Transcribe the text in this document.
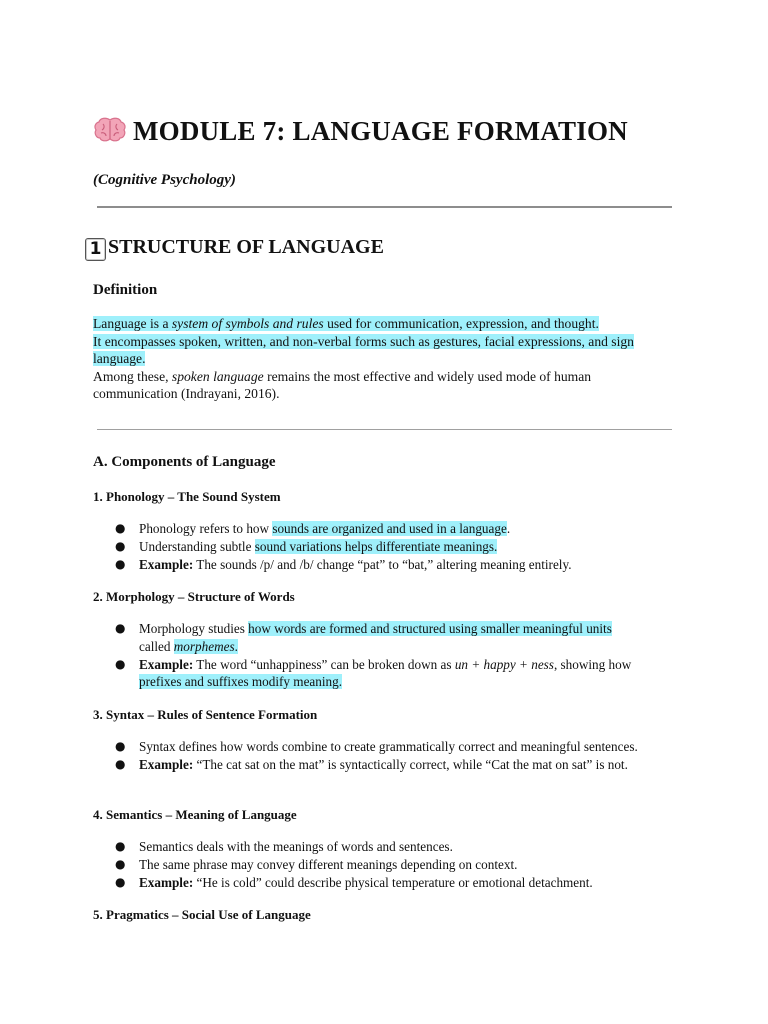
MODULE 7: LANGUAGE FORMATION

(Cognitive Psychology)

1 STRUCTURE OF LANGUAGE
Definition
Language is a system of symbols and rules used for communication, expression, and thought.
It encompasses spoken, written, and non-verbal forms such as gestures, facial expressions, and sign language.
Among these, spoken language remains the most effective and widely used mode of human communication (Indrayani, 2016).
A. Components of Language

1. Phonology – The Sound System

● Phonology refers to how sounds are organized and used in a language.
● Understanding subtle sound variations helps differentiate meanings.
● Example: The sounds /p/ and /b/ change “pat” to “bat,” altering meaning entirely.

2. Morphology – Structure of Words

● Morphology studies how words are formed and structured using smaller meaningful units
called morphemes.
● Example: The word “unhappiness” can be broken down as un + happy + ness, showing how
prefixes and suffixes modify meaning.

3. Syntax – Rules of Sentence Formation

● Syntax defines how words combine to create grammatically correct and meaningful sentences.
● Example: “The cat sat on the mat” is syntactically correct, while “Cat the mat on sat” is not.

4. Semantics – Meaning of Language

● Semantics deals with the meanings of words and sentences.
● The same phrase may convey different meanings depending on context.
● Example: “He is cold” could describe physical temperature or emotional detachment.

5. Pragmatics – Social Use of Language
